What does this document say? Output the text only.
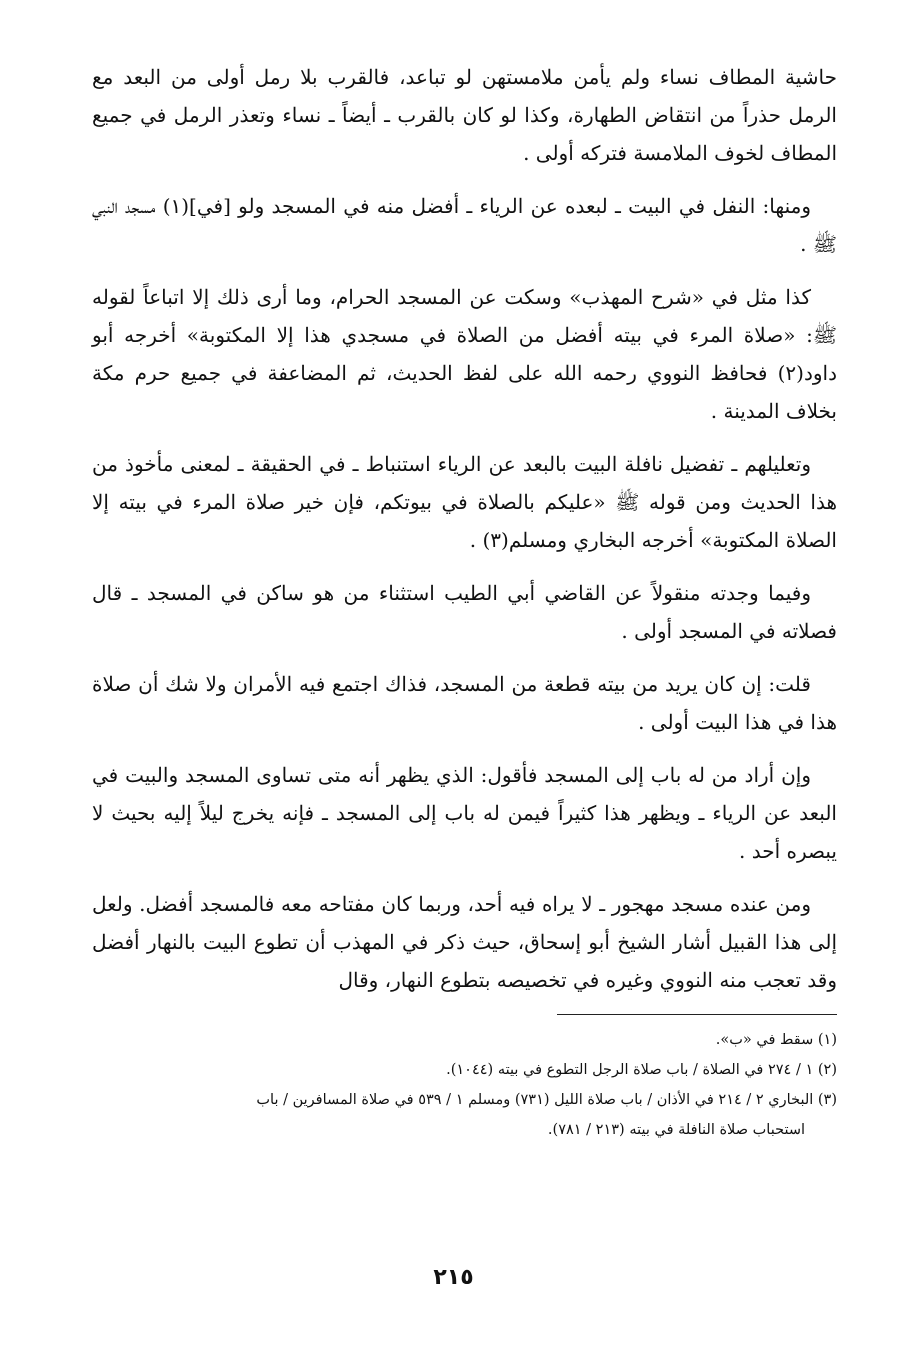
حاشية المطاف نساء ولم يأمن ملامستهن لو تباعد، فالقرب بلا رمل أولى من البعد مع الرمل حذراً من انتقاض الطهارة، وكذا لو كان بالقرب ـ أيضاً ـ نساء وتعذر الرمل في جميع المطاف لخوف الملامسة فتركه أولى .

ومنها: النفل في البيت ـ لبعده عن الرياء ـ أفضل منه في المسجد ولو [في](١) مسجد النبي ﷺ .

كذا مثل في «شرح المهذب» وسكت عن المسجد الحرام، وما أرى ذلك إلا اتباعاً لقوله ﷺ: «صلاة المرء في بيته أفضل من الصلاة في مسجدي هذا إلا المكتوبة» أخرجه أبو داود(٢) فحافظ النووي رحمه الله على لفظ الحديث، ثم المضاعفة في جميع حرم مكة بخلاف المدينة .

وتعليلهم ـ تفضيل نافلة البيت بالبعد عن الرياء استنباط ـ في الحقيقة ـ لمعنى مأخوذ من هذا الحديث ومن قوله ﷺ «عليكم بالصلاة في بيوتكم، فإن خير صلاة المرء في بيته إلا الصلاة المكتوبة» أخرجه البخاري ومسلم(٣) .

وفيما وجدته منقولاً عن القاضي أبي الطيب استثناء من هو ساكن في المسجد ـ قال فصلاته في المسجد أولى .

قلت: إن كان يريد من بيته قطعة من المسجد، فذاك اجتمع فيه الأمران ولا شك أن صلاة هذا في هذا البيت أولى .

وإن أراد من له باب إلى المسجد فأقول: الذي يظهر أنه متى تساوى المسجد والبيت في البعد عن الرياء ـ ويظهر هذا كثيراً فيمن له باب إلى المسجد ـ فإنه يخرج ليلاً إليه بحيث لا يبصره أحد .

ومن عنده مسجد مهجور ـ لا يراه فيه أحد، وربما كان مفتاحه معه فالمسجد أفضل. ولعل إلى هذا القبيل أشار الشيخ أبو إسحاق، حيث ذكر في المهذب أن تطوع البيت بالنهار أفضل وقد تعجب منه النووي وغيره في تخصيصه بتطوع النهار، وقال

(١) سقط في «ب».

(٢) ١ / ٢٧٤ في الصلاة / باب صلاة الرجل التطوع في بيته (١٠٤٤).

(٣) البخاري ٢ / ٢١٤ في الأذان / باب صلاة الليل (٧٣١) ومسلم ١ / ٥٣٩ في صلاة المسافرين / باب

استحباب صلاة النافلة في بيته (٢١٣ / ٧٨١).

٢١٥
